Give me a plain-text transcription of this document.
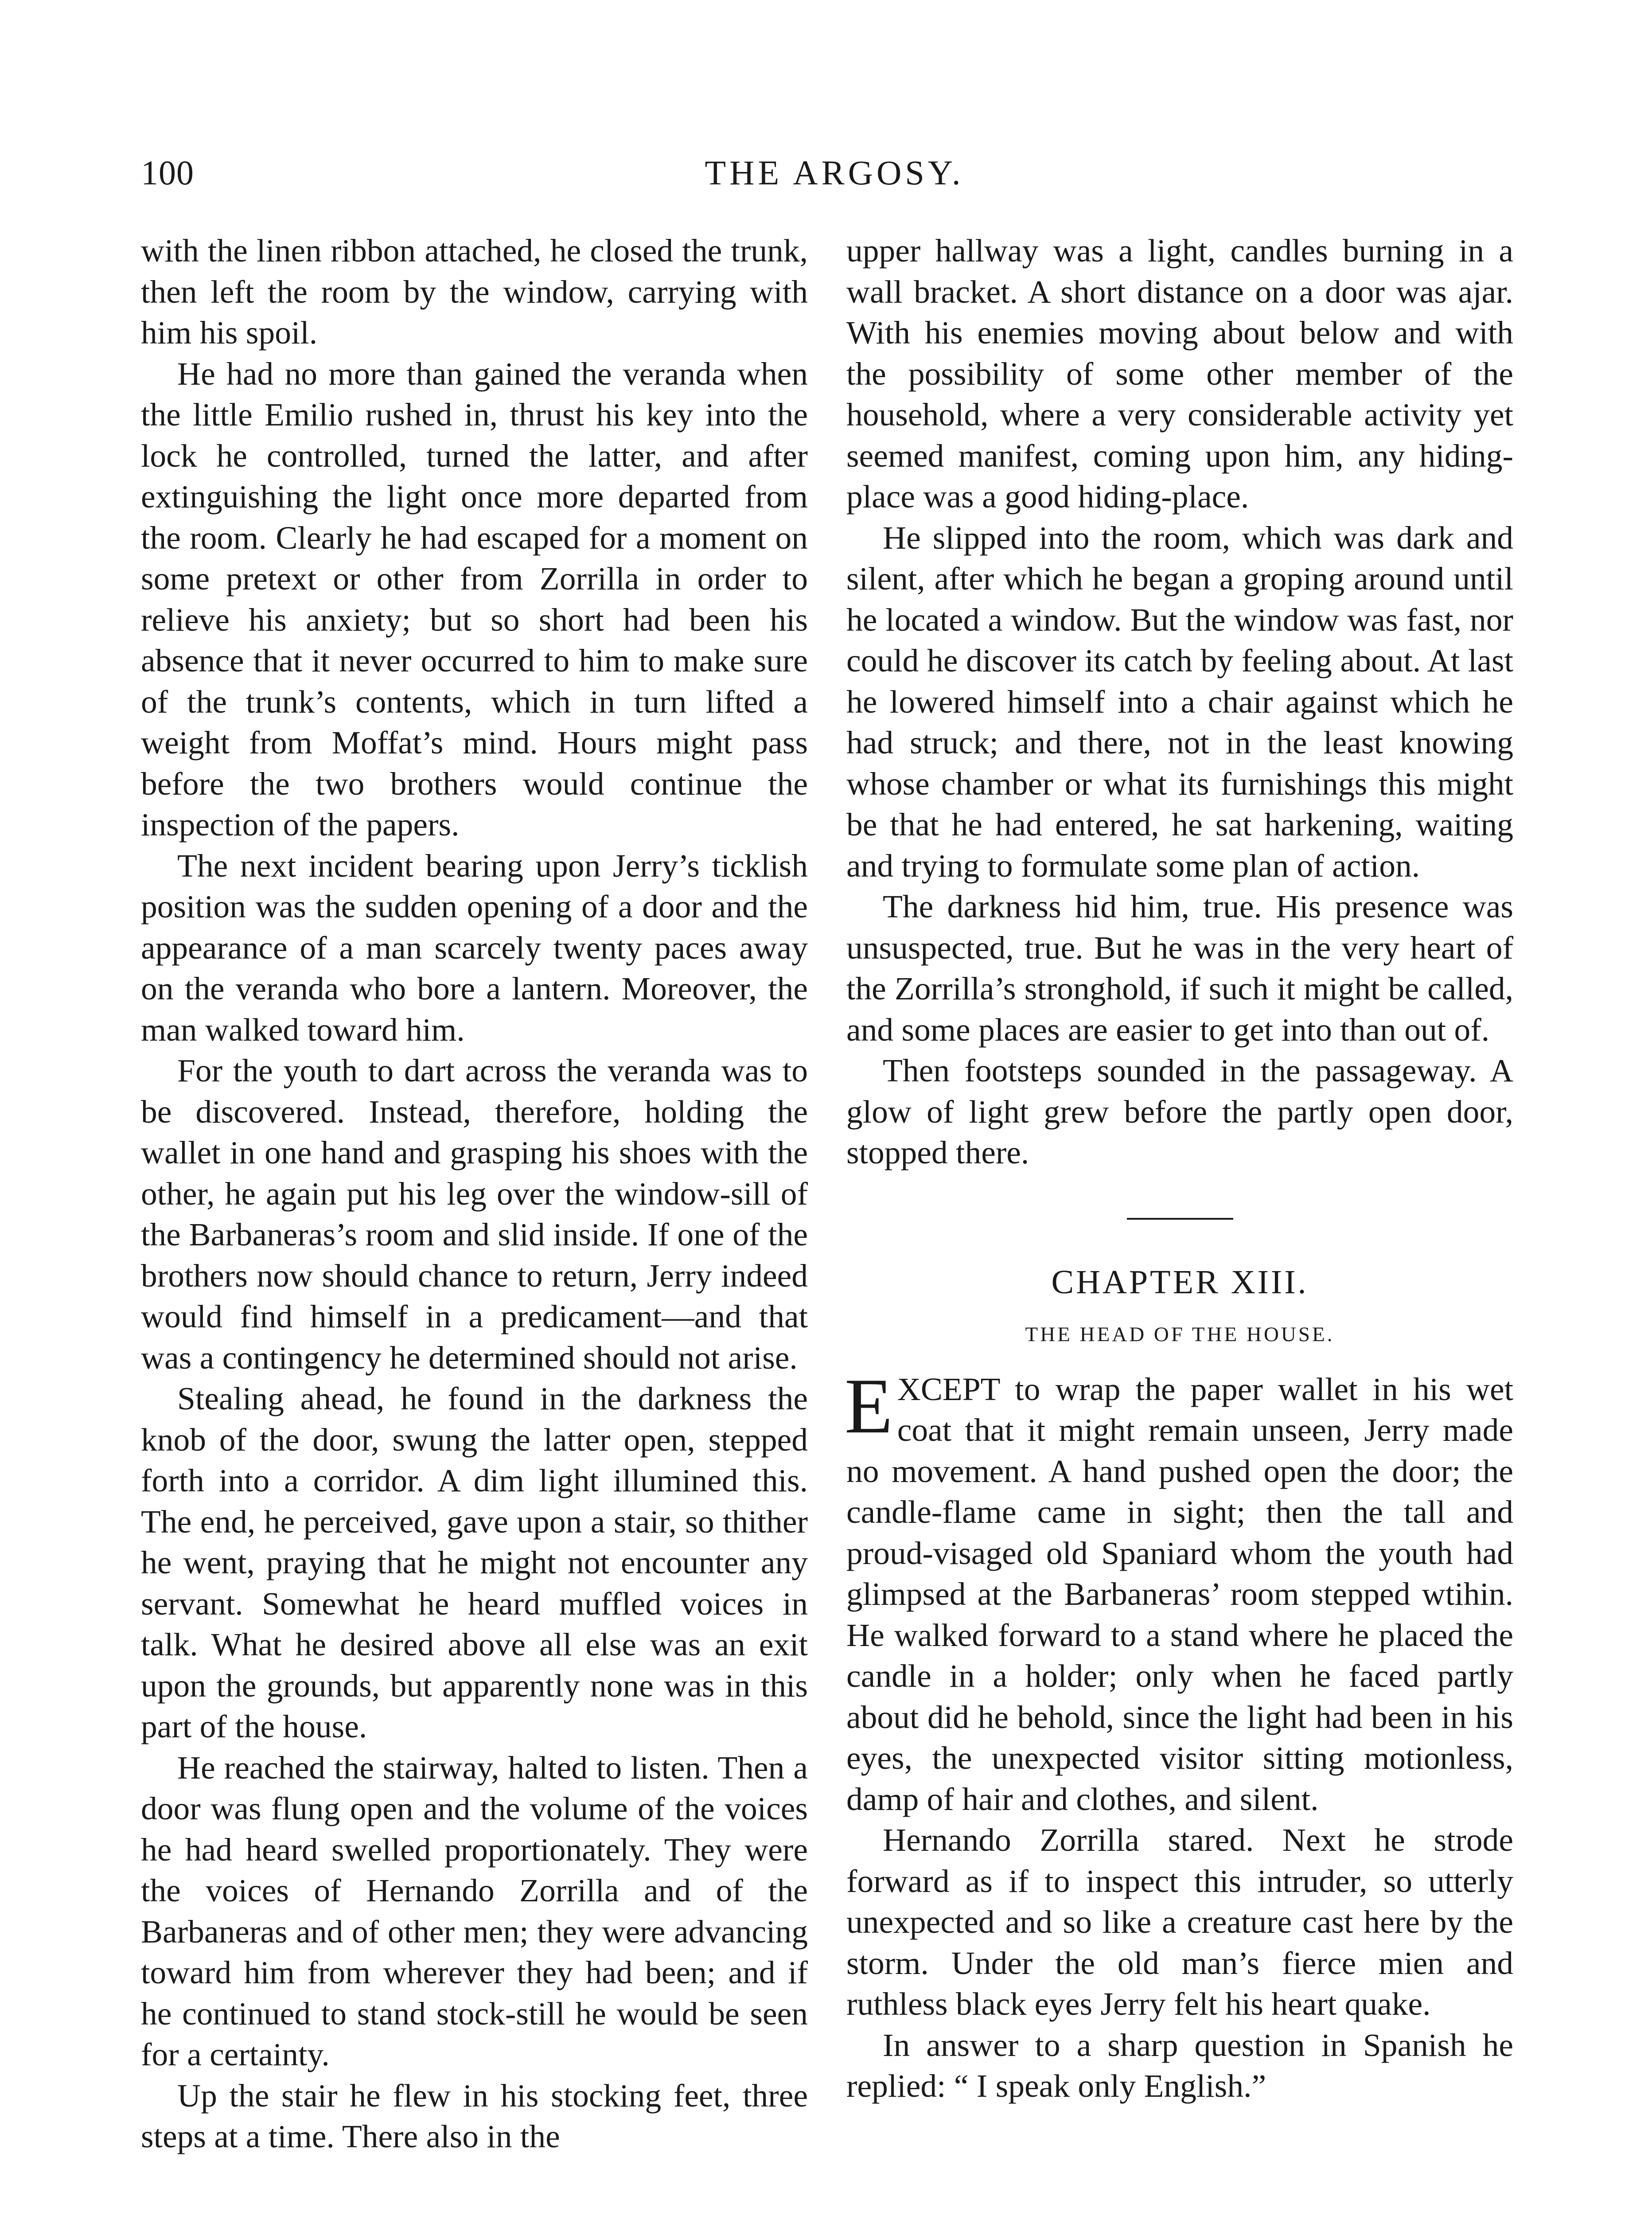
100	THE ARGOSY.

with the linen ribbon attached, he closed the trunk, then left the room by the window, carrying with him his spoil.

He had no more than gained the veranda when the little Emilio rushed in, thrust his key into the lock he controlled, turned the latter, and after extinguishing the light once more departed from the room. Clearly he had escaped for a moment on some pretext or other from Zorrilla in order to relieve his anxiety; but so short had been his absence that it never occurred to him to make sure of the trunk’s contents, which in turn lifted a weight from Moffat’s mind. Hours might pass before the two brothers would continue the inspection of the papers.

The next incident bearing upon Jerry’s ticklish position was the sudden opening of a door and the appearance of a man scarcely twenty paces away on the veranda who bore a lantern. Moreover, the man walked toward him.

For the youth to dart across the veranda was to be discovered. Instead, therefore, holding the wallet in one hand and grasping his shoes with the other, he again put his leg over the window-sill of the Barbaneras’s room and slid inside. If one of the brothers now should chance to return, Jerry indeed would find himself in a predicament—and that was a contingency he determined should not arise.

Stealing ahead, he found in the darkness the knob of the door, swung the latter open, stepped forth into a corridor. A dim light illumined this. The end, he perceived, gave upon a stair, so thither he went, praying that he might not encounter any servant. Somewhat he heard muffled voices in talk. What he desired above all else was an exit upon the grounds, but apparently none was in this part of the house.

He reached the stairway, halted to listen. Then a door was flung open and the volume of the voices he had heard swelled proportionately. They were the voices of Hernando Zorrilla and of the Barbaneras and of other men; they were advancing toward him from wherever they had been; and if he continued to stand stock-still he would be seen for a certainty.

Up the stair he flew in his stocking feet, three steps at a time. There also in the

upper hallway was a light, candles burning in a wall bracket. A short distance on a door was ajar. With his enemies moving about below and with the possibility of some other member of the household, where a very considerable activity yet seemed manifest, coming upon him, any hiding-place was a good hiding-place.

He slipped into the room, which was dark and silent, after which he began a groping around until he located a window. But the window was fast, nor could he discover its catch by feeling about. At last he lowered himself into a chair against which he had struck; and there, not in the least knowing whose chamber or what its furnishings this might be that he had entered, he sat harkening, waiting and trying to formulate some plan of action.

The darkness hid him, true. His presence was unsuspected, true. But he was in the very heart of the Zorrilla’s stronghold, if such it might be called, and some places are easier to get into than out of.

Then footsteps sounded in the passageway. A glow of light grew before the partly open door, stopped there.

CHAPTER XIII.
THE HEAD OF THE HOUSE.

EXCEPT to wrap the paper wallet in his wet coat that it might remain unseen, Jerry made no movement. A hand pushed open the door; the candle-flame came in sight; then the tall and proud-visaged old Spaniard whom the youth had glimpsed at the Barbaneras’ room stepped wtihin. He walked forward to a stand where he placed the candle in a holder; only when he faced partly about did he behold, since the light had been in his eyes, the unexpected visitor sitting motionless, damp of hair and clothes, and silent.

Hernando Zorrilla stared. Next he strode forward as if to inspect this intruder, so utterly unexpected and so like a creature cast here by the storm. Under the old man’s fierce mien and ruthless black eyes Jerry felt his heart quake.

In answer to a sharp question in Spanish he replied: “ I speak only English.”
